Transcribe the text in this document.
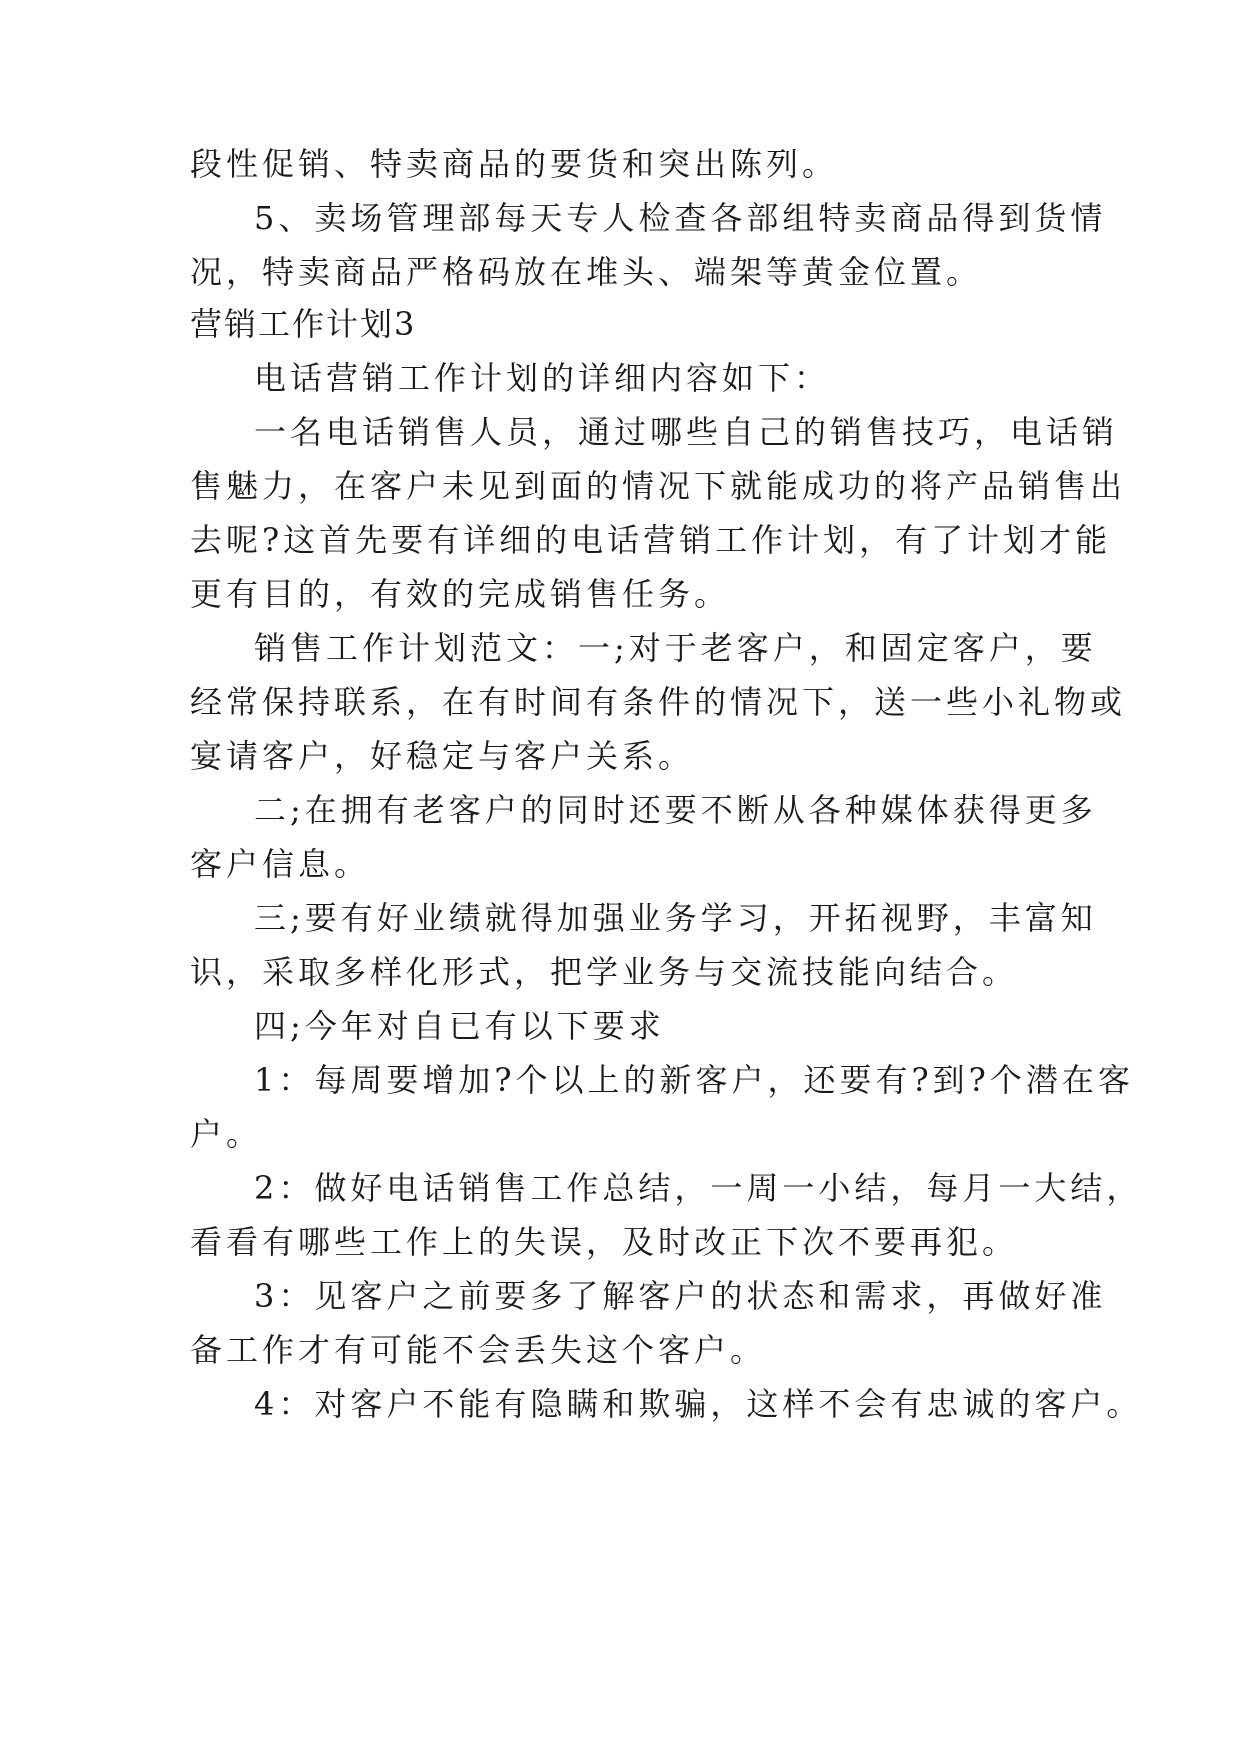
段性促销、特卖商品的要货和突出陈列。
5、卖场管理部每天专人检查各部组特卖商品得到货情
况，特卖商品严格码放在堆头、端架等黄金位置。
营销工作计划3
电话营销工作计划的详细内容如下：
一名电话销售人员，通过哪些自己的销售技巧，电话销
售魅力，在客户未见到面的情况下就能成功的将产品销售出
去呢?这首先要有详细的电话营销工作计划，有了计划才能
更有目的，有效的完成销售任务。
销售工作计划范文：一;对于老客户，和固定客户，要
经常保持联系，在有时间有条件的情况下，送一些小礼物或
宴请客户，好稳定与客户关系。
二;在拥有老客户的同时还要不断从各种媒体获得更多
客户信息。
三;要有好业绩就得加强业务学习，开拓视野，丰富知
识，采取多样化形式，把学业务与交流技能向结合。
四;今年对自已有以下要求
1：每周要增加?个以上的新客户，还要有?到?个潜在客
户。
2：做好电话销售工作总结，一周一小结，每月一大结，
看看有哪些工作上的失误，及时改正下次不要再犯。
3：见客户之前要多了解客户的状态和需求，再做好准
备工作才有可能不会丢失这个客户。
4：对客户不能有隐瞒和欺骗，这样不会有忠诚的客户。
